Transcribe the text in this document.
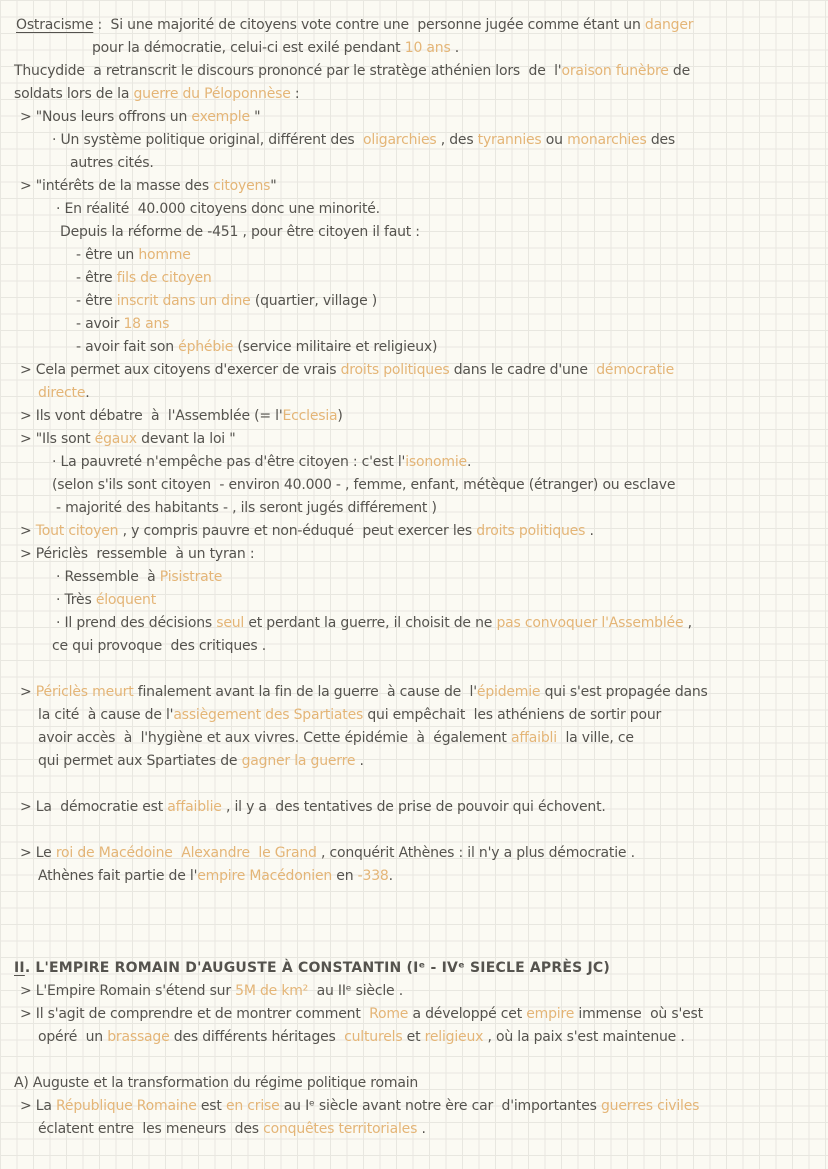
Ostracisme :  Si une majorité de citoyens vote contre une  personne jugée comme étant un danger
pour la démocratie, celui-ci est exilé pendant 10 ans .
Thucydide  a retranscrit le discours prononcé par le stratège athénien lors  de  l'oraison funèbre de
soldats lors de la guerre du Péloponnèse :
> "Nous leurs offrons un exemple "
· Un système politique original, différent des  oligarchies , des tyrannies ou monarchies des
autres cités.
> "intérêts de la masse des citoyens"
· En réalité  40.000 citoyens donc une minorité.
Depuis la réforme de -451 , pour être citoyen il faut :
- être un homme
- être fils de citoyen
- être inscrit dans un dine (quartier, village )
- avoir 18 ans
- avoir fait son éphébie (service militaire et religieux)
> Cela permet aux citoyens d'exercer de vrais droits politiques dans le cadre d'une  démocratie
directe.
> Ils vont débatre  à  l'Assemblée (= l'Ecclesia)
> "Ils sont égaux devant la loi "
· La pauvreté n'empêche pas d'être citoyen : c'est l'isonomie.
(selon s'ils sont citoyen  - environ 40.000 - , femme, enfant, métèque (étranger) ou esclave
- majorité des habitants - , ils seront jugés différement )
> Tout citoyen , y compris pauvre et non-éduqué  peut exercer les droits politiques .
> Périclès  ressemble  à un tyran :
· Ressemble  à Pisistrate
· Très éloquent
· Il prend des décisions seul et perdant la guerre, il choisit de ne pas convoquer l'Assemblée ,
ce qui provoque  des critiques .
> Périclès meurt finalement avant la fin de la guerre  à cause de  l'épidemie qui s'est propagée dans
la cité  à cause de l'assiègement des Spartiates qui empêchait  les athéniens de sortir pour
avoir accès  à  l'hygiène et aux vivres. Cette épidémie  à  également affaibli  la ville, ce
qui permet aux Spartiates de gagner la guerre .
> La  démocratie est affaiblie , il y a  des tentatives de prise de pouvoir qui échovent.
> Le roi de Macédoine  Alexandre  le Grand , conquérit Athènes : il n'y a plus démocratie .
Athènes fait partie de l'empire Macédonien en -338.
II. L'EMPIRE ROMAIN D'AUGUSTE À CONSTANTIN (Iᵉ - IVᵉ SIECLE APRÈS JC)
> L'Empire Romain s'étend sur 5M de km²  au IIᵉ siècle .
> Il s'agit de comprendre et de montrer comment  Rome a développé cet empire immense  où s'est
opéré  un brassage des différents héritages  culturels et religieux , où la paix s'est maintenue .
A) Auguste et la transformation du régime politique romain
> La République Romaine est en crise au Iᵉ siècle avant notre ère car  d'importantes guerres civiles
éclatent entre  les meneurs  des conquêtes territoriales .
